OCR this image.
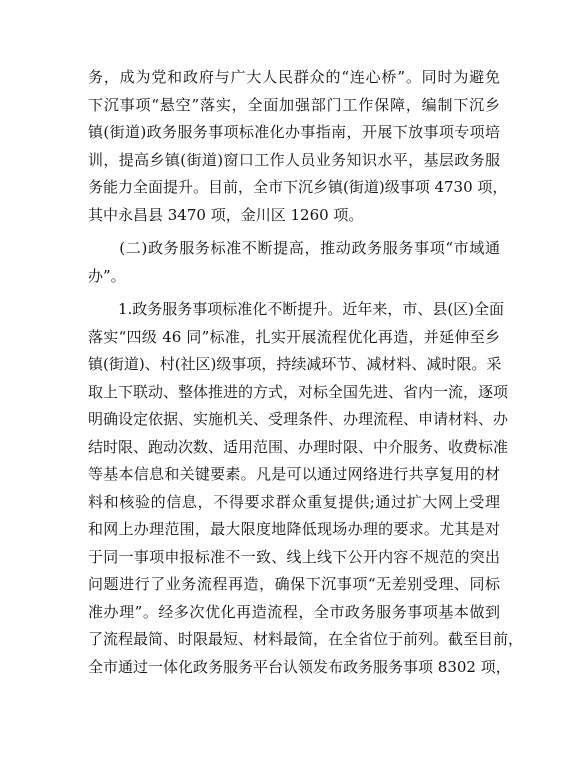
务，成为党和政府与广大人民群众的“连心桥”。同时为避免
下沉事项“悬空”落实，全面加强部门工作保障，编制下沉乡
镇(街道)政务服务事项标准化办事指南，开展下放事项专项培
训，提高乡镇(街道)窗口工作人员业务知识水平，基层政务服
务能力全面提升。目前，全市下沉乡镇(街道)级事项 4730 项，
其中永昌县 3470 项，金川区 1260 项。
　　(二)政务服务标准不断提高，推动政务服务事项“市域通
办”。
　　1.政务服务事项标准化不断提升。近年来，市、县(区)全面
落实“四级 46 同”标准，扎实开展流程优化再造，并延伸至乡
镇(街道)、村(社区)级事项，持续减环节、减材料、减时限。采
取上下联动、整体推进的方式，对标全国先进、省内一流，逐项
明确设定依据、实施机关、受理条件、办理流程、申请材料、办
结时限、跑动次数、适用范围、办理时限、中介服务、收费标准
等基本信息和关键要素。凡是可以通过网络进行共享复用的材
料和核验的信息，不得要求群众重复提供;通过扩大网上受理
和网上办理范围，最大限度地降低现场办理的要求。尤其是对
于同一事项申报标准不一致、线上线下公开内容不规范的突出
问题进行了业务流程再造，确保下沉事项“无差别受理、同标
准办理”。经多次优化再造流程，全市政务服务事项基本做到
了流程最简、时限最短、材料最简，在全省位于前列。截至目前，
全市通过一体化政务服务平台认领发布政务服务事项 8302 项，
